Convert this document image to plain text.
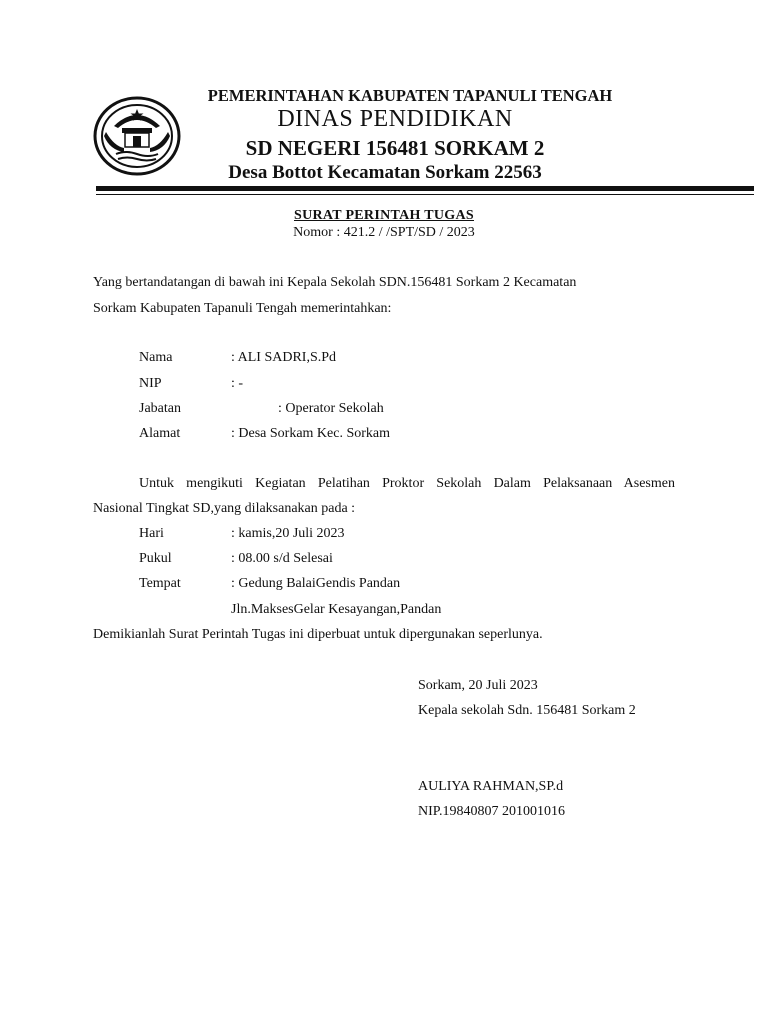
PEMERINTAHAN KABUPATEN TAPANULI TENGAH
DINAS PENDIDIKAN
SD NEGERI 156481 SORKAM 2
Desa Bottot Kecamatan Sorkam 22563
SURAT PERINTAH TUGAS
Nomor : 421.2 / /SPT/SD / 2023
Yang bertandatangan di bawah ini Kepala Sekolah SDN.156481 Sorkam 2 Kecamatan
Sorkam Kabupaten Tapanuli Tengah memerintahkan:
Nama	: ALI SADRI,S.Pd
NIP	: -
Jabatan	: Operator Sekolah
Alamat	: Desa Sorkam Kec. Sorkam
Untuk mengikuti Kegiatan Pelatihan Proktor Sekolah Dalam Pelaksanaan Asesmen
Nasional Tingkat SD,yang dilaksanakan pada :
Hari	: kamis,20 Juli 2023
Pukul	: 08.00 s/d Selesai
Tempat	: Gedung BalaiGendis Pandan
Jln.MaksesGelar Kesayangan,Pandan
Demikianlah Surat Perintah Tugas ini diperbuat untuk dipergunakan seperlunya.
Sorkam, 20 Juli 2023
Kepala sekolah Sdn. 156481 Sorkam 2
AULIYA RAHMAN,SP.d
NIP.19840807 201001016
